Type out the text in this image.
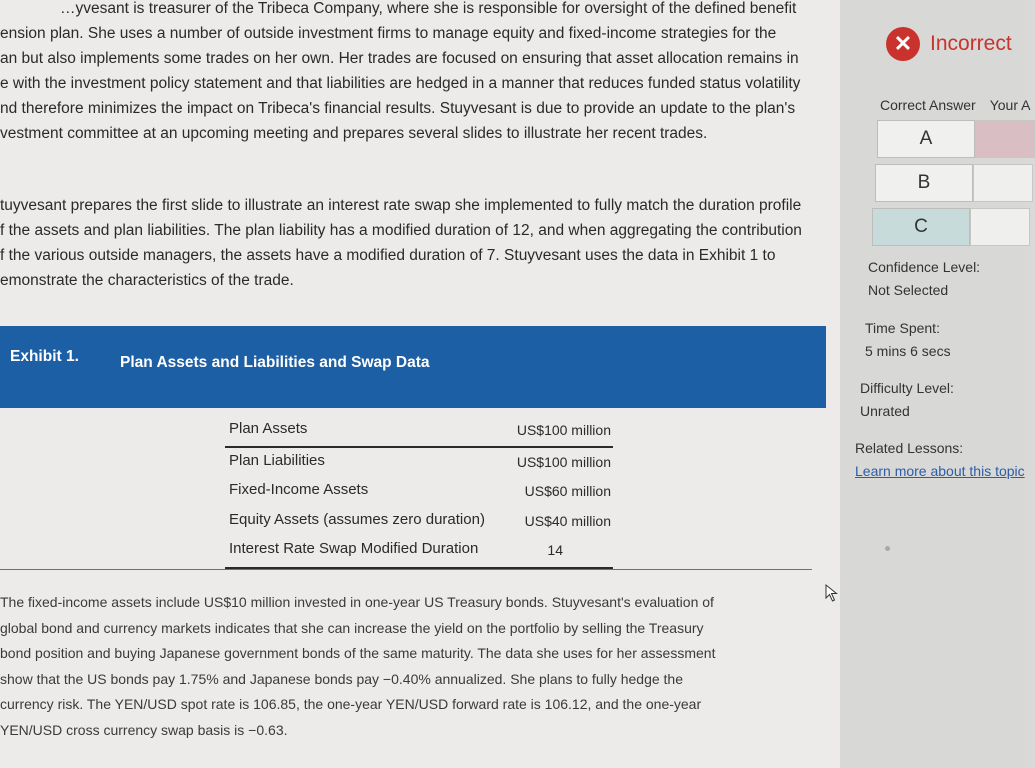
…yvesant is treasurer of the Tribeca Company, where she is responsible for oversight of the defined benefit
ension plan. She uses a number of outside investment firms to manage equity and fixed-income strategies for the
an but also implements some trades on her own. Her trades are focused on ensuring that asset allocation remains in
e with the investment policy statement and that liabilities are hedged in a manner that reduces funded status volatility
nd therefore minimizes the impact on Tribeca's financial results. Stuyvesant is due to provide an update to the plan's
vestment committee at an upcoming meeting and prepares several slides to illustrate her recent trades.
tuyvesant prepares the first slide to illustrate an interest rate swap she implemented to fully match the duration profile
f the assets and plan liabilities. The plan liability has a modified duration of 12, and when aggregating the contribution
f the various outside managers, the assets have a modified duration of 7. Stuyvesant uses the data in Exhibit 1 to
emonstrate the characteristics of the trade.
Exhibit 1.	Plan Assets and Liabilities and Swap Data
Plan Assets	US$100 million
Plan Liabilities	US$100 million
Fixed-Income Assets	US$60 million
Equity Assets (assumes zero duration)	US$40 million
Interest Rate Swap Modified Duration	14
The fixed-income assets include US$10 million invested in one-year US Treasury bonds. Stuyvesant's evaluation of
global bond and currency markets indicates that she can increase the yield on the portfolio by selling the Treasury
bond position and buying Japanese government bonds of the same maturity. The data she uses for her assessment
show that the US bonds pay 1.75% and Japanese bonds pay −0.40% annualized. She plans to fully hedge the
currency risk. The YEN/USD spot rate is 106.85, the one-year YEN/USD forward rate is 106.12, and the one-year
YEN/USD cross currency swap basis is −0.63.
✕ Incorrect
Correct Answer Your A
A
B
C
Confidence Level:
Not Selected
Time Spent:
5 mins 6 secs
Difficulty Level:
Unrated
Related Lessons:
Learn more about this topic
